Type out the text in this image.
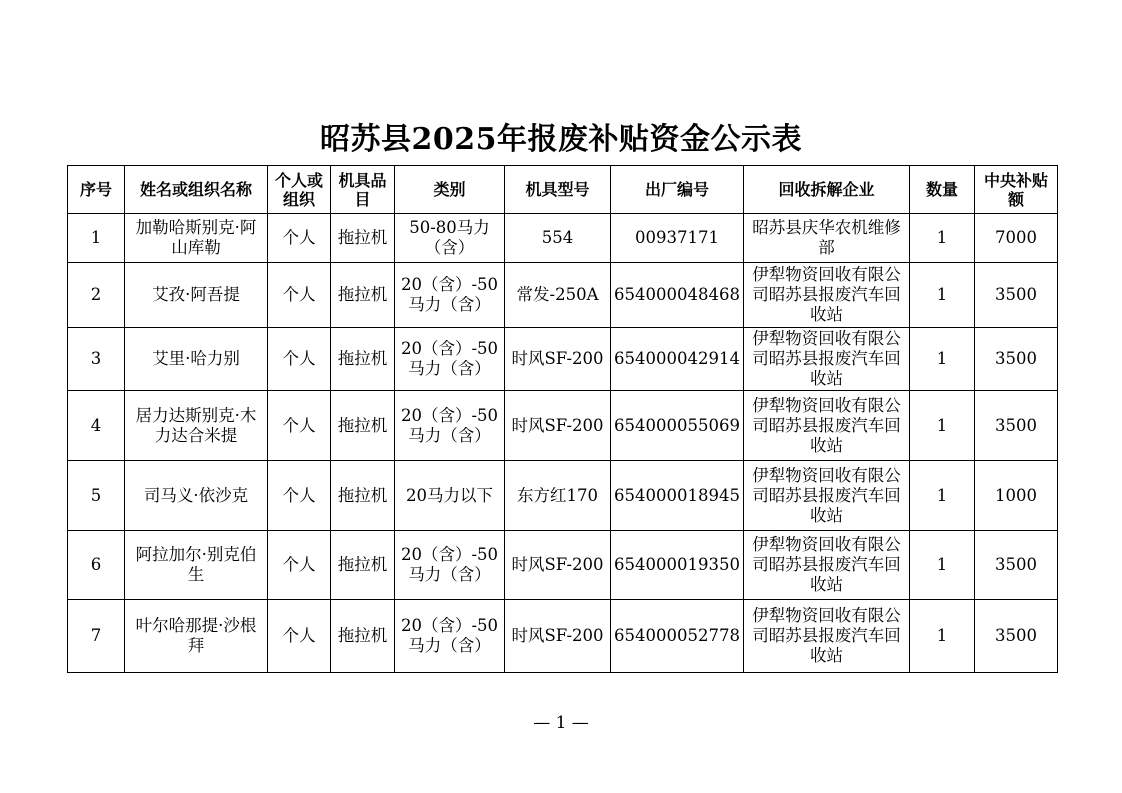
昭苏县2025年报废补贴资金公示表
序号	姓名或组织名称	个人或组织	机具品目	类别	机具型号	出厂编号	回收拆解企业	数量	中央补贴额
1	加勒哈斯别克·阿山库勒	个人	拖拉机	50-80马力（含）	554	00937171	昭苏县庆华农机维修部	1	7000
2	艾孜·阿吾提	个人	拖拉机	20（含）-50马力（含）	常发-250A	654000048468	伊犁物资回收有限公司昭苏县报废汽车回收站	1	3500
3	艾里·哈力别	个人	拖拉机	20（含）-50马力（含）	时风SF-200	654000042914	伊犁物资回收有限公司昭苏县报废汽车回收站	1	3500
4	居力达斯别克·木力达合米提	个人	拖拉机	20（含）-50马力（含）	时风SF-200	654000055069	伊犁物资回收有限公司昭苏县报废汽车回收站	1	3500
5	司马义·依沙克	个人	拖拉机	20马力以下	东方红170	654000018945	伊犁物资回收有限公司昭苏县报废汽车回收站	1	1000
6	阿拉加尔·别克伯生	个人	拖拉机	20（含）-50马力（含）	时风SF-200	654000019350	伊犁物资回收有限公司昭苏县报废汽车回收站	1	3500
7	叶尔哈那提·沙根拜	个人	拖拉机	20（含）-50马力（含）	时风SF-200	654000052778	伊犁物资回收有限公司昭苏县报废汽车回收站	1	3500
— 1 —
